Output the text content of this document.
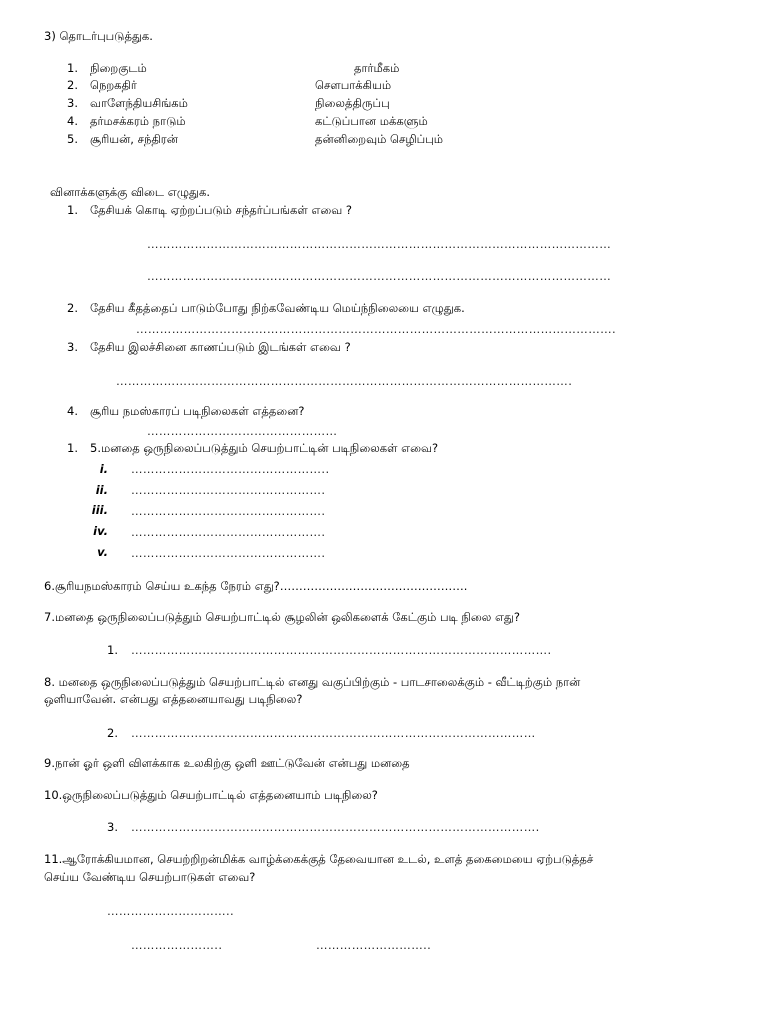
3) தொடர்புபடுத்துக.
1. நிறைகுடம்	தார்மீகம்
2. நெறகதிர்	சௌபாக்கியம்
3. வாளேந்தியசிங்கம்	நிலைத்திருப்பு
4. தர்மசக்கரம் நாடும்	கட்டுப்பான மக்களும்
5. சூரியன், சந்திரன்	தன்னிறைவும் செழிப்பும்
வினாக்களுக்கு விடை எழுதுக.
1. தேசியக் கொடி ஏற்றப்படும் சந்தர்ப்பங்கள் எவை ?
………………………………………………………………………………………………………
………………………………………………………………………………………………………
2. தேசிய கீதத்தைப் பாடும்போது நிற்கவேண்டிய மெய்ந்நிலையை எழுதுக.
………………………………………………………………………………………………………….
3. தேசிய இலச்சினை காணப்படும் இடங்கள் எவை ?
…………………………………………………………………………………………………….
4. சூரிய நமஸ்காரப் படிநிலைகள் எத்தனை?
…………………………………………
1. 5.மனதை ஒருநிலைப்படுத்தும் செயற்பாட்டின் படிநிலைகள் எவை?
i. …………………………………………..
ii. ………………………………………….
iii. ………………………………………….
iv. ………………………………………….
v. ………………………………………….
6.சூரியநமஸ்காரம் செய்ய உகந்த நேரம் எது?………………………………………….
7.மனதை ஒருநிலைப்படுத்தும் செயற்பாட்டில் சூழலின் ஒலிகளைக் கேட்கும் படி நிலை எது?
1. …………………………………………………………………………………………….
8. மனதை ஒருநிலைப்படுத்தும் செயற்பாட்டில் எனது வகுப்பிற்கும் - பாடசாலைக்கும் - வீட்டிற்கும் நான்
ஒளியாவேன். என்பது எத்தனையாவது படிநிலை?
2. …………………………………………………………………………………………
9.நான் ஓர் ஒளி விளக்காக உலகிற்கு ஒளி ஊட்டுவேன் என்பது மனதை
10.ஒருநிலைப்படுத்தும் செயற்பாட்டில் எத்தனையாம் படிநிலை?
3. ………………………………………………………………………………………….
11.ஆரோக்கியமான, செயற்றிறன்மிக்க வாழ்க்கைக்குத் தேவையான உடல், உளத் தகைமையை ஏற்படுத்தச்
செய்ய வேண்டிய செயற்பாடுகள் எவை?
…………………………..
…………………..	………………………..
